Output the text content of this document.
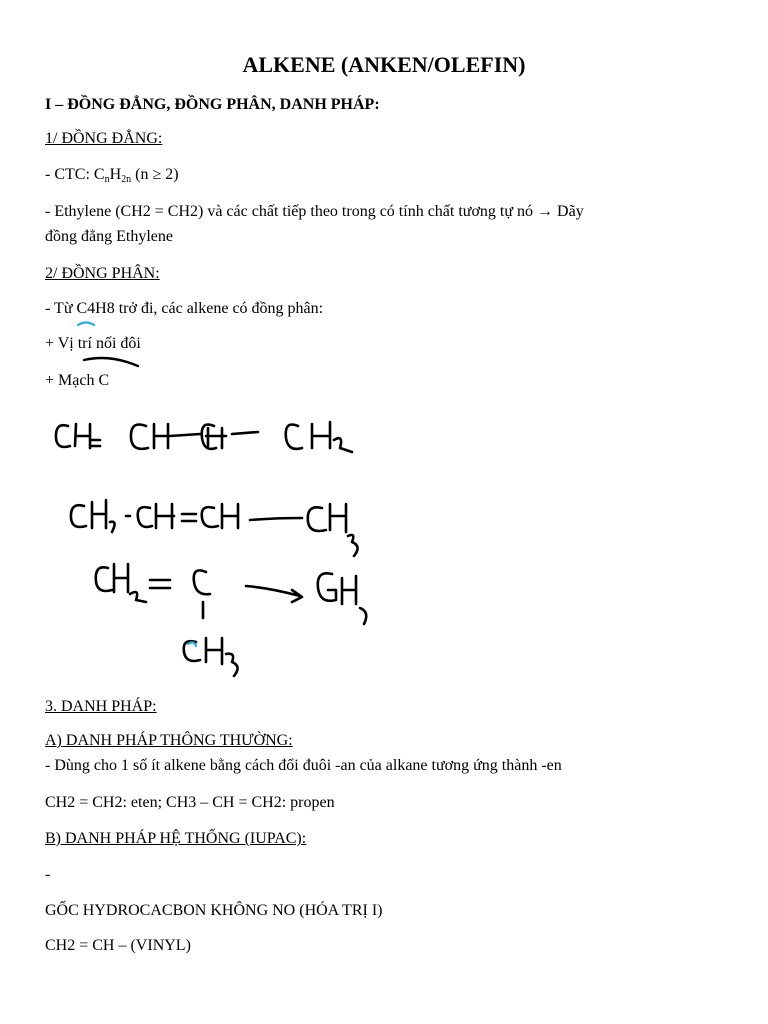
ALKENE (ANKEN/OLEFIN)
I – ĐỒNG ĐẲNG, ĐỒNG PHÂN, DANH PHÁP:
1/ ĐỒNG ĐẲNG:
- CTC: $C_nH_{2n}$ (n ≥ 2)
- Ethylene (CH2 = CH2) và các chất tiếp theo trong có tính chất tương tự nó → Dãy
đồng đẳng Ethylene
2/ ĐỒNG PHÂN:
- Từ C4H8 trở đi, các alkene có đồng phân:
+ Vị trí nối đôi
+ Mạch C
3. DANH PHÁP:
A) DANH PHÁP THÔNG THƯỜNG:
- Dùng cho 1 số ít alkene bằng cách đổi đuôi -an của alkane tương ứng thành -en
CH2 = CH2: eten; CH3 – CH = CH2: propen
B) DANH PHÁP HỆ THỐNG (IUPAC):
-
GỐC HYDROCACBON KHÔNG NO (HÓA TRỊ I)
CH2 = CH – (VINYL)
